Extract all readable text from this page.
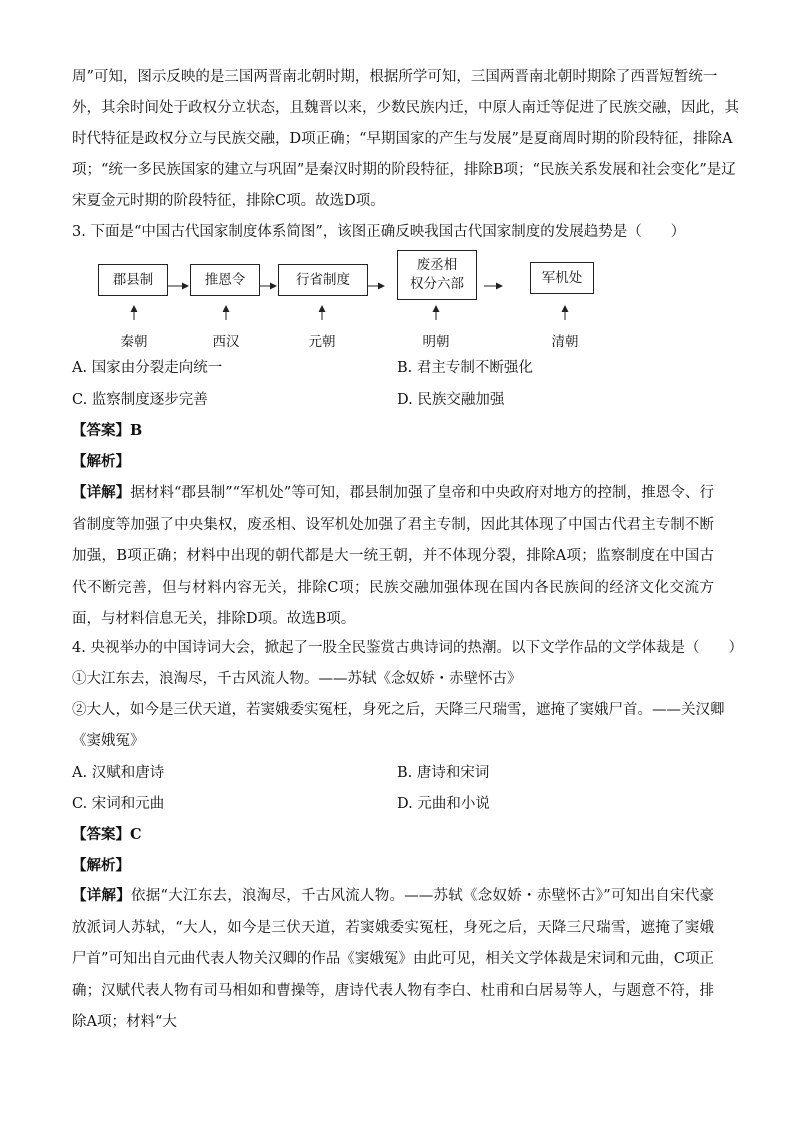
周”可知，图示反映的是三国两晋南北朝时期，根据所学可知，三国两晋南北朝时期除了西晋短暂统一
外，其余时间处于政权分立状态，且魏晋以来，少数民族内迁，中原人南迁等促进了民族交融，因此，其
时代特征是政权分立与民族交融，D项正确；“早期国家的产生与发展”是夏商周时期的阶段特征，排除A
项；“统一多民族国家的建立与巩固”是秦汉时期的阶段特征，排除B项；“民族关系发展和社会变化”是辽
宋夏金元时期的阶段特征，排除C项。故选D项。
3. 下面是“中国古代国家制度体系简图”，该图正确反映我国古代国家制度的发展趋势是（　　）
郡县制	推恩令	行省制度
废丞相
权分六部	军机处
秦朝	西汉	元朝	明朝	清朝
A. 国家由分裂走向统一	B. 君主专制不断强化
C. 监察制度逐步完善	D. 民族交融加强
【答案】B
【解析】
【详解】据材料“郡县制”“军机处”等可知，郡县制加强了皇帝和中央政府对地方的控制，推恩令、行省制度等加强了中央集权，废丞相、设军机处加强了君主专制，因此其体现了中国古代君主专制不断加强，B项正确；材料中出现的朝代都是大一统王朝，并不体现分裂，排除A项；监察制度在中国古代不断完善，但与材料内容无关，排除C项；民族交融加强体现在国内各民族间的经济文化交流方面，与材料信息无关，排除D项。故选B项。
4. 央视举办的中国诗词大会，掀起了一股全民鉴赏古典诗词的热潮。以下文学作品的文学体裁是（　　）
①大江东去，浪淘尽，千古风流人物。——苏轼《念奴娇・赤壁怀古》
②大人，如今是三伏天道，若窦娥委实冤枉，身死之后，天降三尺瑞雪，遮掩了窦娥尸首。——关汉卿
《窦娥冤》
A. 汉赋和唐诗	B. 唐诗和宋词
C. 宋词和元曲	D. 元曲和小说
【答案】C
【解析】
【详解】依据“大江东去，浪淘尽，千古风流人物。——苏轼《念奴娇・赤壁怀古》”可知出自宋代豪放派词人苏轼，“大人，如今是三伏天道，若窦娥委实冤枉，身死之后，天降三尺瑞雪，遮掩了窦娥尸首”可知出自元曲代表人物关汉卿的作品《窦娥冤》由此可见，相关文学体裁是宋词和元曲，C项正确；汉赋代表人物有司马相如和曹操等，唐诗代表人物有李白、杜甫和白居易等人，与题意不符，排除A项；材料“大
